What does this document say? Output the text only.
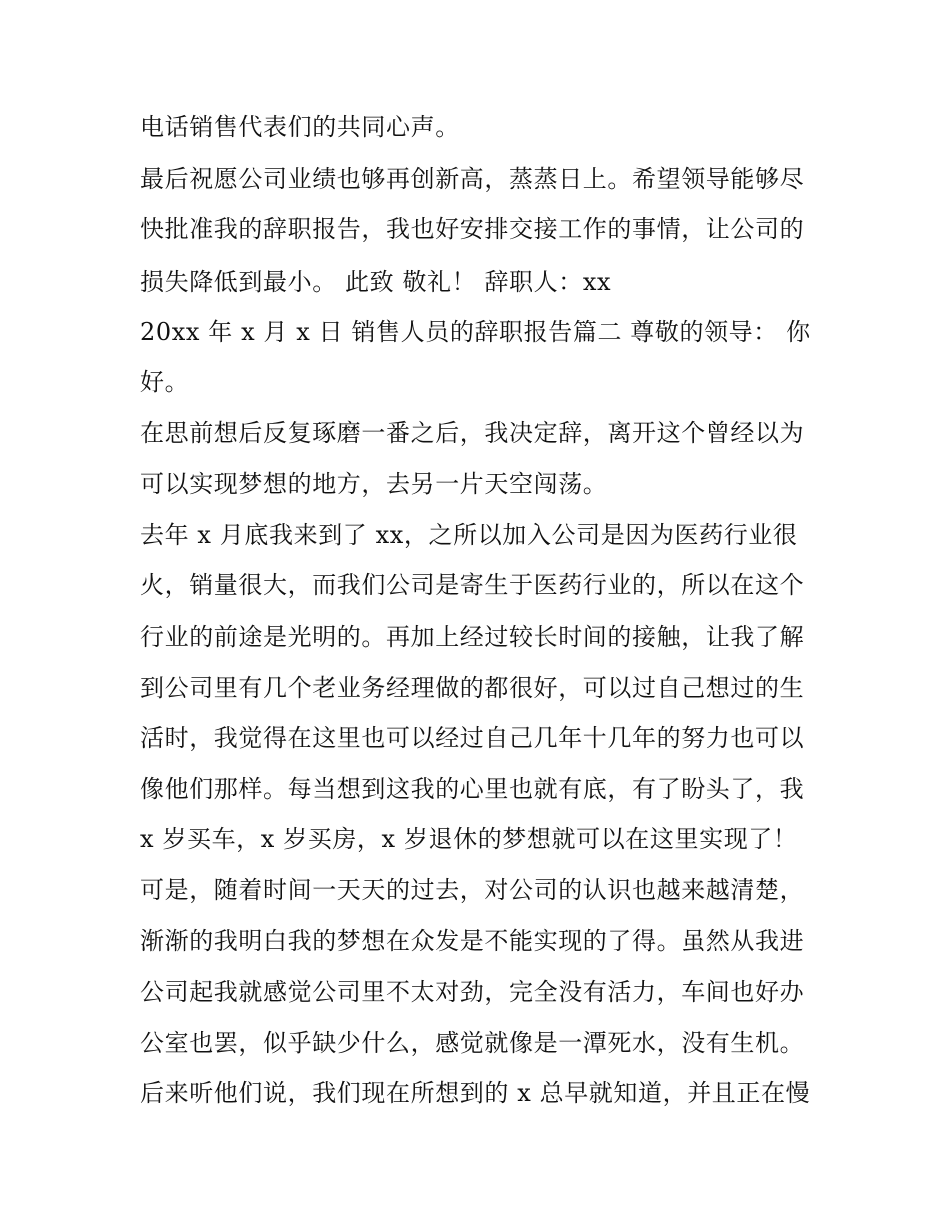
电话销售代表们的共同心声。
最后祝愿公司业绩也够再创新高，蒸蒸日上。希望领导能够尽
快批准我的辞职报告，我也好安排交接工作的事情，让公司的
损失降低到最小。 此致 敬礼！ 辞职人：xx
20xx 年 x 月 x 日 销售人员的辞职报告篇二 尊敬的领导： 你
好。
在思前想后反复琢磨一番之后，我决定辞，离开这个曾经以为
可以实现梦想的地方，去另一片天空闯荡。
去年 x 月底我来到了 xx，之所以加入公司是因为医药行业很
火，销量很大，而我们公司是寄生于医药行业的，所以在这个
行业的前途是光明的。再加上经过较长时间的接触，让我了解
到公司里有几个老业务经理做的都很好，可以过自己想过的生
活时，我觉得在这里也可以经过自己几年十几年的努力也可以
像他们那样。每当想到这我的心里也就有底，有了盼头了，我
x 岁买车，x 岁买房，x 岁退休的梦想就可以在这里实现了！
可是，随着时间一天天的过去，对公司的认识也越来越清楚，
渐渐的我明白我的梦想在众发是不能实现的了得。虽然从我进
公司起我就感觉公司里不太对劲，完全没有活力，车间也好办
公室也罢，似乎缺少什么，感觉就像是一潭死水，没有生机。
后来听他们说，我们现在所想到的 x 总早就知道，并且正在慢
